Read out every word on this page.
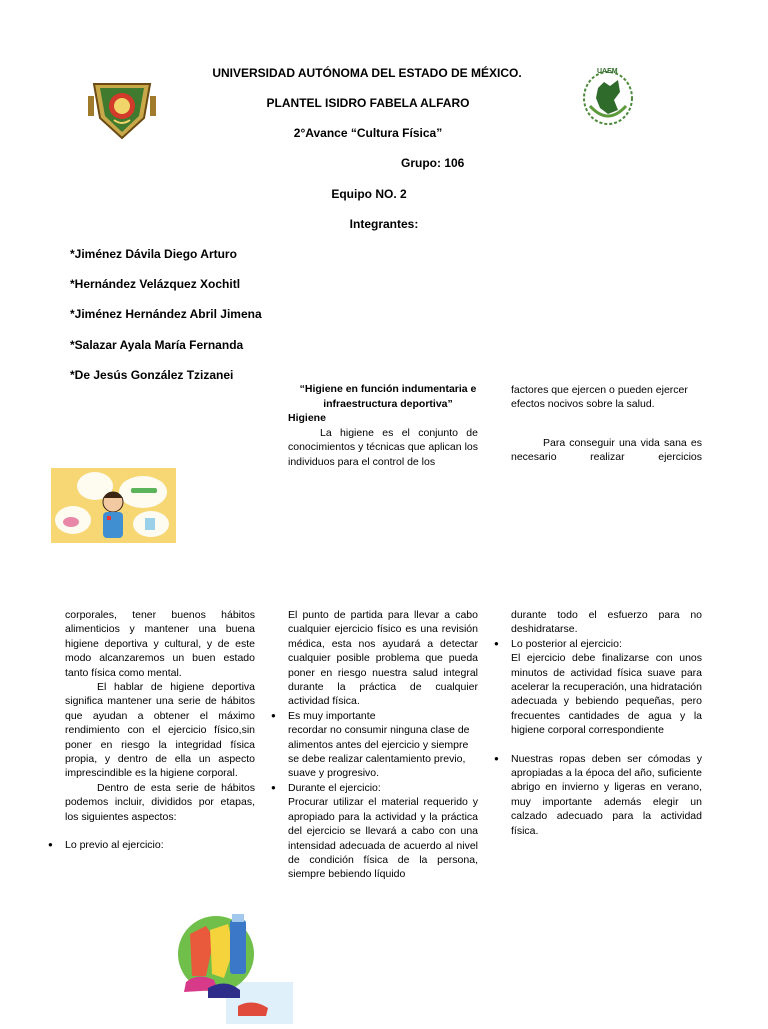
UAEM
UNIVERSIDAD AUTÓNOMA DEL ESTADO DE MÉXICO.
PLANTEL ISIDRO FABELA ALFARO
2°Avance “Cultura Física”
Grupo: 106
Equipo NO. 2
Integrantes:
*Jiménez Dávila Diego Arturo
*Hernández Velázquez Xochitl
*Jiménez Hernández Abril Jimena
*Salazar Ayala María Fernanda
*De Jesús González Tzizanei
“Higiene en función indumentaria e infraestructura deportiva”
Higiene

La higiene es el conjunto de conocimientos y técnicas que aplican los individuos para el control de los

factores que ejercen o pueden ejercer efectos nocivos sobre la salud.

Para conseguir una vida sana es necesario realizar ejercicios

corporales, tener buenos hábitos alimenticios y mantener una buena higiene deportiva y cultural, y de este modo alcanzaremos un buen estado tanto física como mental.

El hablar de higiene deportiva significa mantener una serie de hábitos que ayudan a obtener el máximo rendimiento con el ejercicio físico,sin poner en riesgo la integridad física propia, y dentro de ella un aspecto imprescindible es la higiene corporal.

Dentro de esta serie de hábitos podemos incluir, divididos por etapas, los siguientes aspectos:

● Lo previo al ejercicio:

El punto de partida para llevar a cabo cualquier ejercicio físico es una revisión médica, esta nos ayudará a detectar cualquier posible problema que pueda poner en riesgo nuestra salud integral durante la práctica de cualquier actividad física.

● Es muy importante
recordar no consumir ninguna clase de alimentos antes del ejercicio y siempre se debe realizar calentamiento previo, suave y progresivo.
● Durante el ejercicio:
Procurar utilizar el material requerido y apropiado para la actividad y la práctica del ejercicio se llevará a cabo con una intensidad adecuada de acuerdo al nivel de condición física de la persona, siempre bebiendo líquido

durante todo el esfuerzo para no deshidratarse.

● Lo posterior al ejercicio:
El ejercicio debe finalizarse con unos minutos de actividad física suave para acelerar la recuperación, una hidratación adecuada y bebiendo pequeñas, pero frecuentes cantidades de agua y la higiene corporal correspondiente
● Nuestras ropas deben ser cómodas y apropiadas a la época del año, suficiente abrigo en invierno y ligeras en verano, muy importante además elegir un calzado adecuado para la actividad física.
